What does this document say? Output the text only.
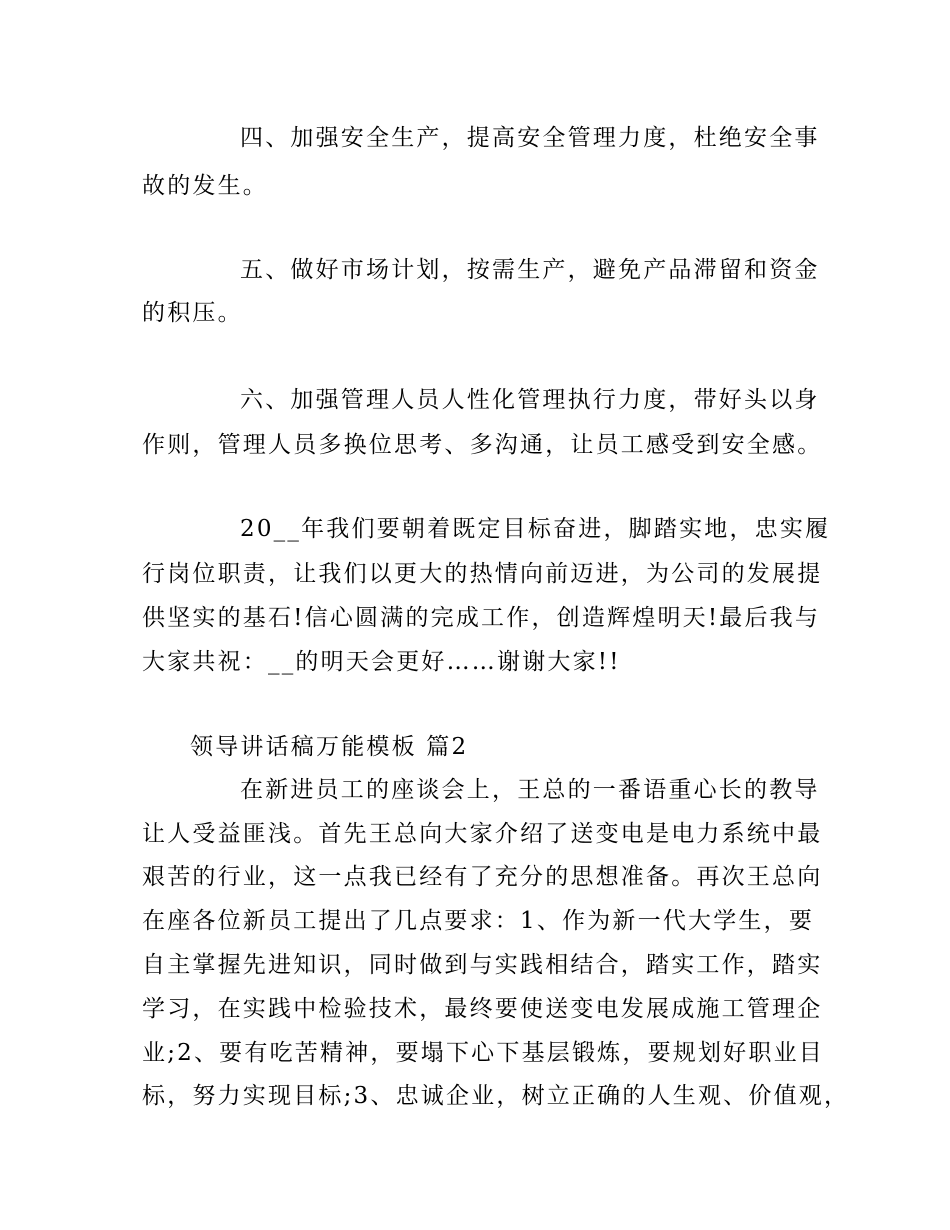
四、加强安全生产，提高安全管理力度，杜绝安全事
故的发生。
五、做好市场计划，按需生产，避免产品滞留和资金
的积压。
六、加强管理人员人性化管理执行力度，带好头以身
作则，管理人员多换位思考、多沟通，让员工感受到安全感。
20__年我们要朝着既定目标奋进，脚踏实地，忠实履
行岗位职责，让我们以更大的热情向前迈进，为公司的发展提
供坚实的基石!信心圆满的完成工作，创造辉煌明天!最后我与
大家共祝：__的明天会更好……谢谢大家!!
领导讲话稿万能模板 篇2
在新进员工的座谈会上，王总的一番语重心长的教导
让人受益匪浅。首先王总向大家介绍了送变电是电力系统中最
艰苦的行业，这一点我已经有了充分的思想准备。再次王总向
在座各位新员工提出了几点要求：1、作为新一代大学生，要
自主掌握先进知识，同时做到与实践相结合，踏实工作，踏实
学习，在实践中检验技术，最终要使送变电发展成施工管理企
业;2、要有吃苦精神，要塌下心下基层锻炼，要规划好职业目
标，努力实现目标;3、忠诚企业，树立正确的人生观、价值观，
